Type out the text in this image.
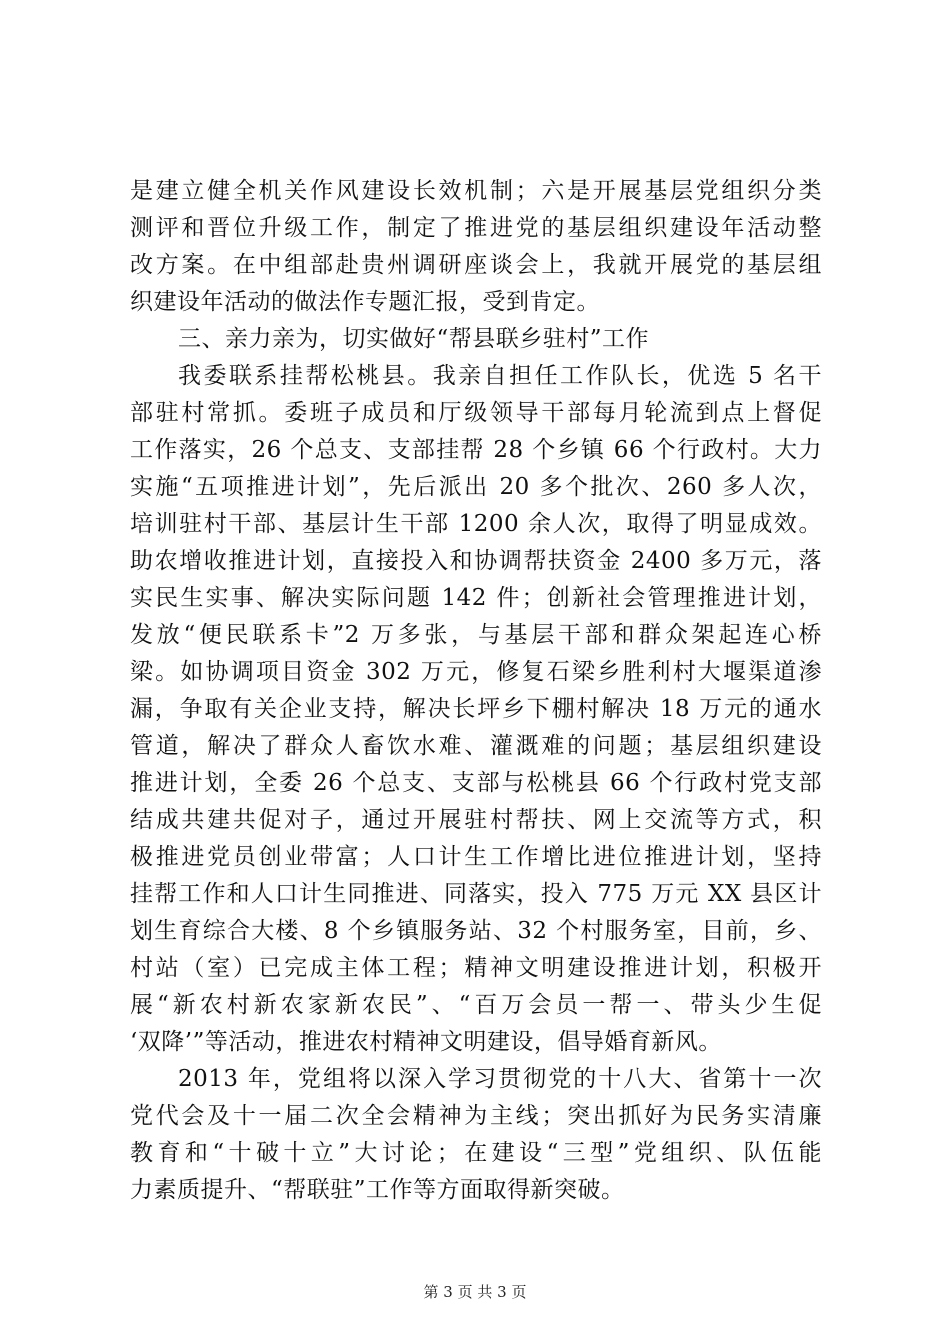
是建立健全机关作风建设长效机制；六是开展基层党组织分类
测评和晋位升级工作，制定了推进党的基层组织建设年活动整
改方案。在中组部赴贵州调研座谈会上，我就开展党的基层组
织建设年活动的做法作专题汇报，受到肯定。
三、亲力亲为，切实做好“帮县联乡驻村”工作
我委联系挂帮松桃县。我亲自担任工作队长，优选 5 名干
部驻村常抓。委班子成员和厅级领导干部每月轮流到点上督促
工作落实，26 个总支、支部挂帮 28 个乡镇 66 个行政村。大力
实施“五项推进计划”，先后派出 20 多个批次、260 多人次，
培训驻村干部、基层计生干部 1200 余人次，取得了明显成效。
助农增收推进计划，直接投入和协调帮扶资金 2400 多万元，落
实民生实事、解决实际问题 142 件；创新社会管理推进计划，
发放“便民联系卡”2 万多张，与基层干部和群众架起连心桥
梁。如协调项目资金 302 万元，修复石梁乡胜利村大堰渠道渗
漏，争取有关企业支持，解决长坪乡下棚村解决 18 万元的通水
管道，解决了群众人畜饮水难、灌溉难的问题；基层组织建设
推进计划，全委 26 个总支、支部与松桃县 66 个行政村党支部
结成共建共促对子，通过开展驻村帮扶、网上交流等方式，积
极推进党员创业带富；人口计生工作增比进位推进计划，坚持
挂帮工作和人口计生同推进、同落实，投入 775 万元 XX 县区计
划生育综合大楼、8 个乡镇服务站、32 个村服务室，目前，乡、
村站（室）已完成主体工程；精神文明建设推进计划，积极开
展“新农村新农家新农民”、“百万会员一帮一、带头少生促
‘双降’”等活动，推进农村精神文明建设，倡导婚育新风。
2013 年，党组将以深入学习贯彻党的十八大、省第十一次
党代会及十一届二次全会精神为主线；突出抓好为民务实清廉
教育和“十破十立”大讨论；在建设“三型”党组织、队伍能
力素质提升、“帮联驻”工作等方面取得新突破。
第 3 页 共 3 页
